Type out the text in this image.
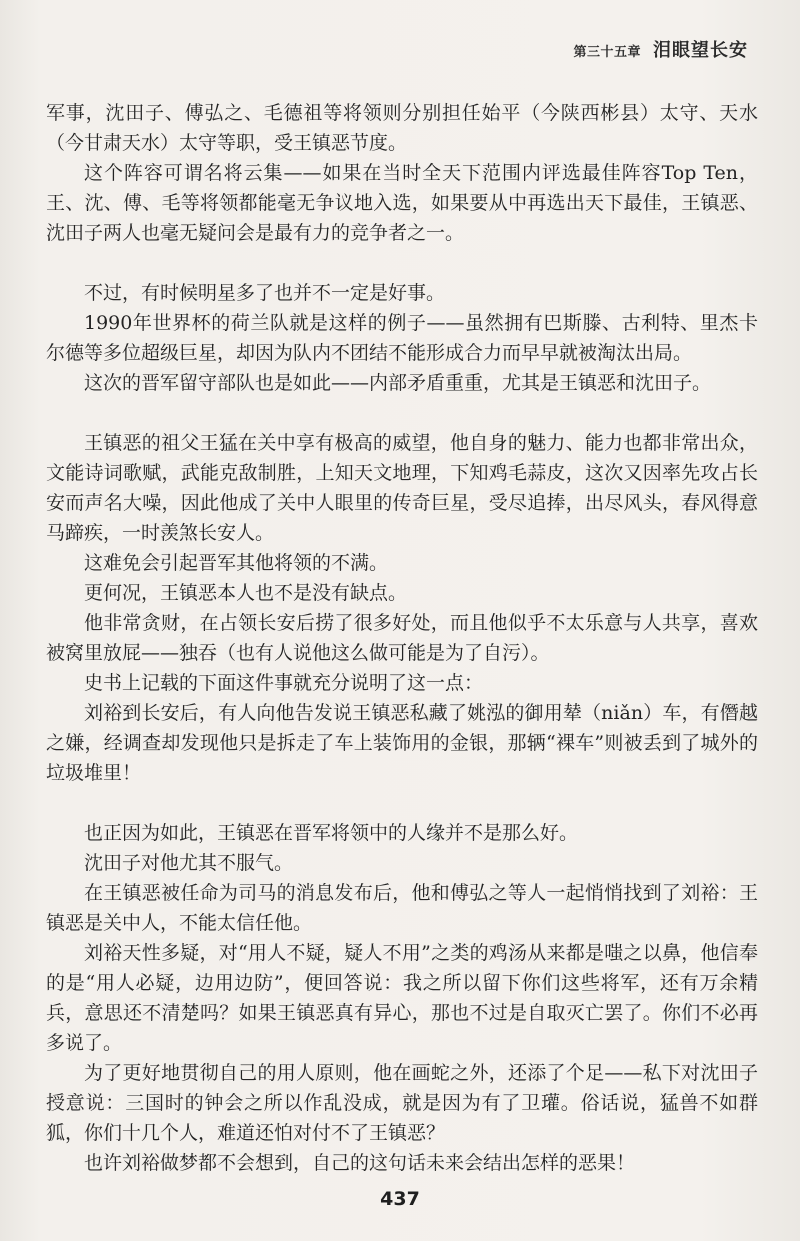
第三十五章 泪眼望长安

军事，沈田子、傅弘之、毛德祖等将领则分别担任始平（今陕西彬县）太守、天水（今甘肃天水）太守等职，受王镇恶节度。

这个阵容可谓名将云集——如果在当时全天下范围内评选最佳阵容Top Ten，王、沈、傅、毛等将领都能毫无争议地入选，如果要从中再选出天下最佳，王镇恶、沈田子两人也毫无疑问会是最有力的竞争者之一。

不过，有时候明星多了也并不一定是好事。

1990年世界杯的荷兰队就是这样的例子——虽然拥有巴斯滕、古利特、里杰卡尔德等多位超级巨星，却因为队内不团结不能形成合力而早早就被淘汰出局。

这次的晋军留守部队也是如此——内部矛盾重重，尤其是王镇恶和沈田子。

王镇恶的祖父王猛在关中享有极高的威望，他自身的魅力、能力也都非常出众，文能诗词歌赋，武能克敌制胜，上知天文地理，下知鸡毛蒜皮，这次又因率先攻占长安而声名大噪，因此他成了关中人眼里的传奇巨星，受尽追捧，出尽风头，春风得意马蹄疾，一时羡煞长安人。

这难免会引起晋军其他将领的不满。

更何况，王镇恶本人也不是没有缺点。

他非常贪财，在占领长安后捞了很多好处，而且他似乎不太乐意与人共享，喜欢被窝里放屁——独吞（也有人说他这么做可能是为了自污）。

史书上记载的下面这件事就充分说明了这一点：

刘裕到长安后，有人向他告发说王镇恶私藏了姚泓的御用辇（niǎn）车，有僭越之嫌，经调查却发现他只是拆走了车上装饰用的金银，那辆“裸车”则被丢到了城外的垃圾堆里！

也正因为如此，王镇恶在晋军将领中的人缘并不是那么好。

沈田子对他尤其不服气。

在王镇恶被任命为司马的消息发布后，他和傅弘之等人一起悄悄找到了刘裕：王镇恶是关中人，不能太信任他。

刘裕天性多疑，对“用人不疑，疑人不用”之类的鸡汤从来都是嗤之以鼻，他信奉的是“用人必疑，边用边防”，便回答说：我之所以留下你们这些将军，还有万余精兵，意思还不清楚吗？如果王镇恶真有异心，那也不过是自取灭亡罢了。你们不必再多说了。

为了更好地贯彻自己的用人原则，他在画蛇之外，还添了个足——私下对沈田子授意说：三国时的钟会之所以作乱没成，就是因为有了卫瓘。俗话说，猛兽不如群狐，你们十几个人，难道还怕对付不了王镇恶？

也许刘裕做梦都不会想到，自己的这句话未来会结出怎样的恶果！

437
